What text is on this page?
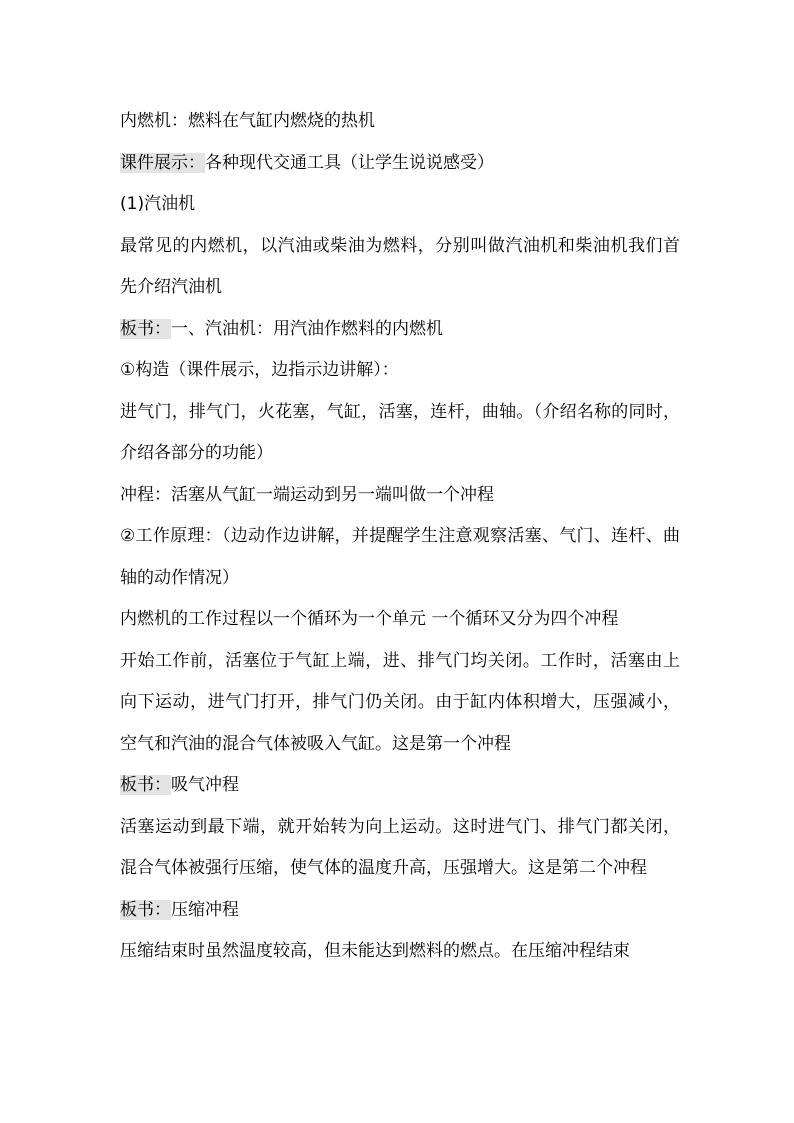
内燃机：燃料在气缸内燃烧的热机
课件展示：各种现代交通工具（让学生说说感受）
(1)汽油机
最常见的内燃机，以汽油或柴油为燃料，分别叫做汽油机和柴油机我们首先介绍汽油机
板书：一、汽油机：用汽油作燃料的内燃机
①构造（课件展示，边指示边讲解）：
进气门，排气门，火花塞，气缸，活塞，连杆，曲轴。（介绍名称的同时，介绍各部分的功能）
冲程：活塞从气缸一端运动到另一端叫做一个冲程
②工作原理：（边动作边讲解，并提醒学生注意观察活塞、气门、连杆、曲轴的动作情况）
内燃机的工作过程以一个循环为一个单元 一个循环又分为四个冲程
开始工作前，活塞位于气缸上端，进、排气门均关闭。工作时，活塞由上向下运动，进气门打开，排气门仍关闭。由于缸内体积增大，压强减小，空气和汽油的混合气体被吸入气缸。这是第一个冲程
板书：吸气冲程
活塞运动到最下端，就开始转为向上运动。这时进气门、排气门都关闭，混合气体被强行压缩，使气体的温度升高，压强增大。这是第二个冲程
板书：压缩冲程
压缩结束时虽然温度较高，但未能达到燃料的燃点。在压缩冲程结束
